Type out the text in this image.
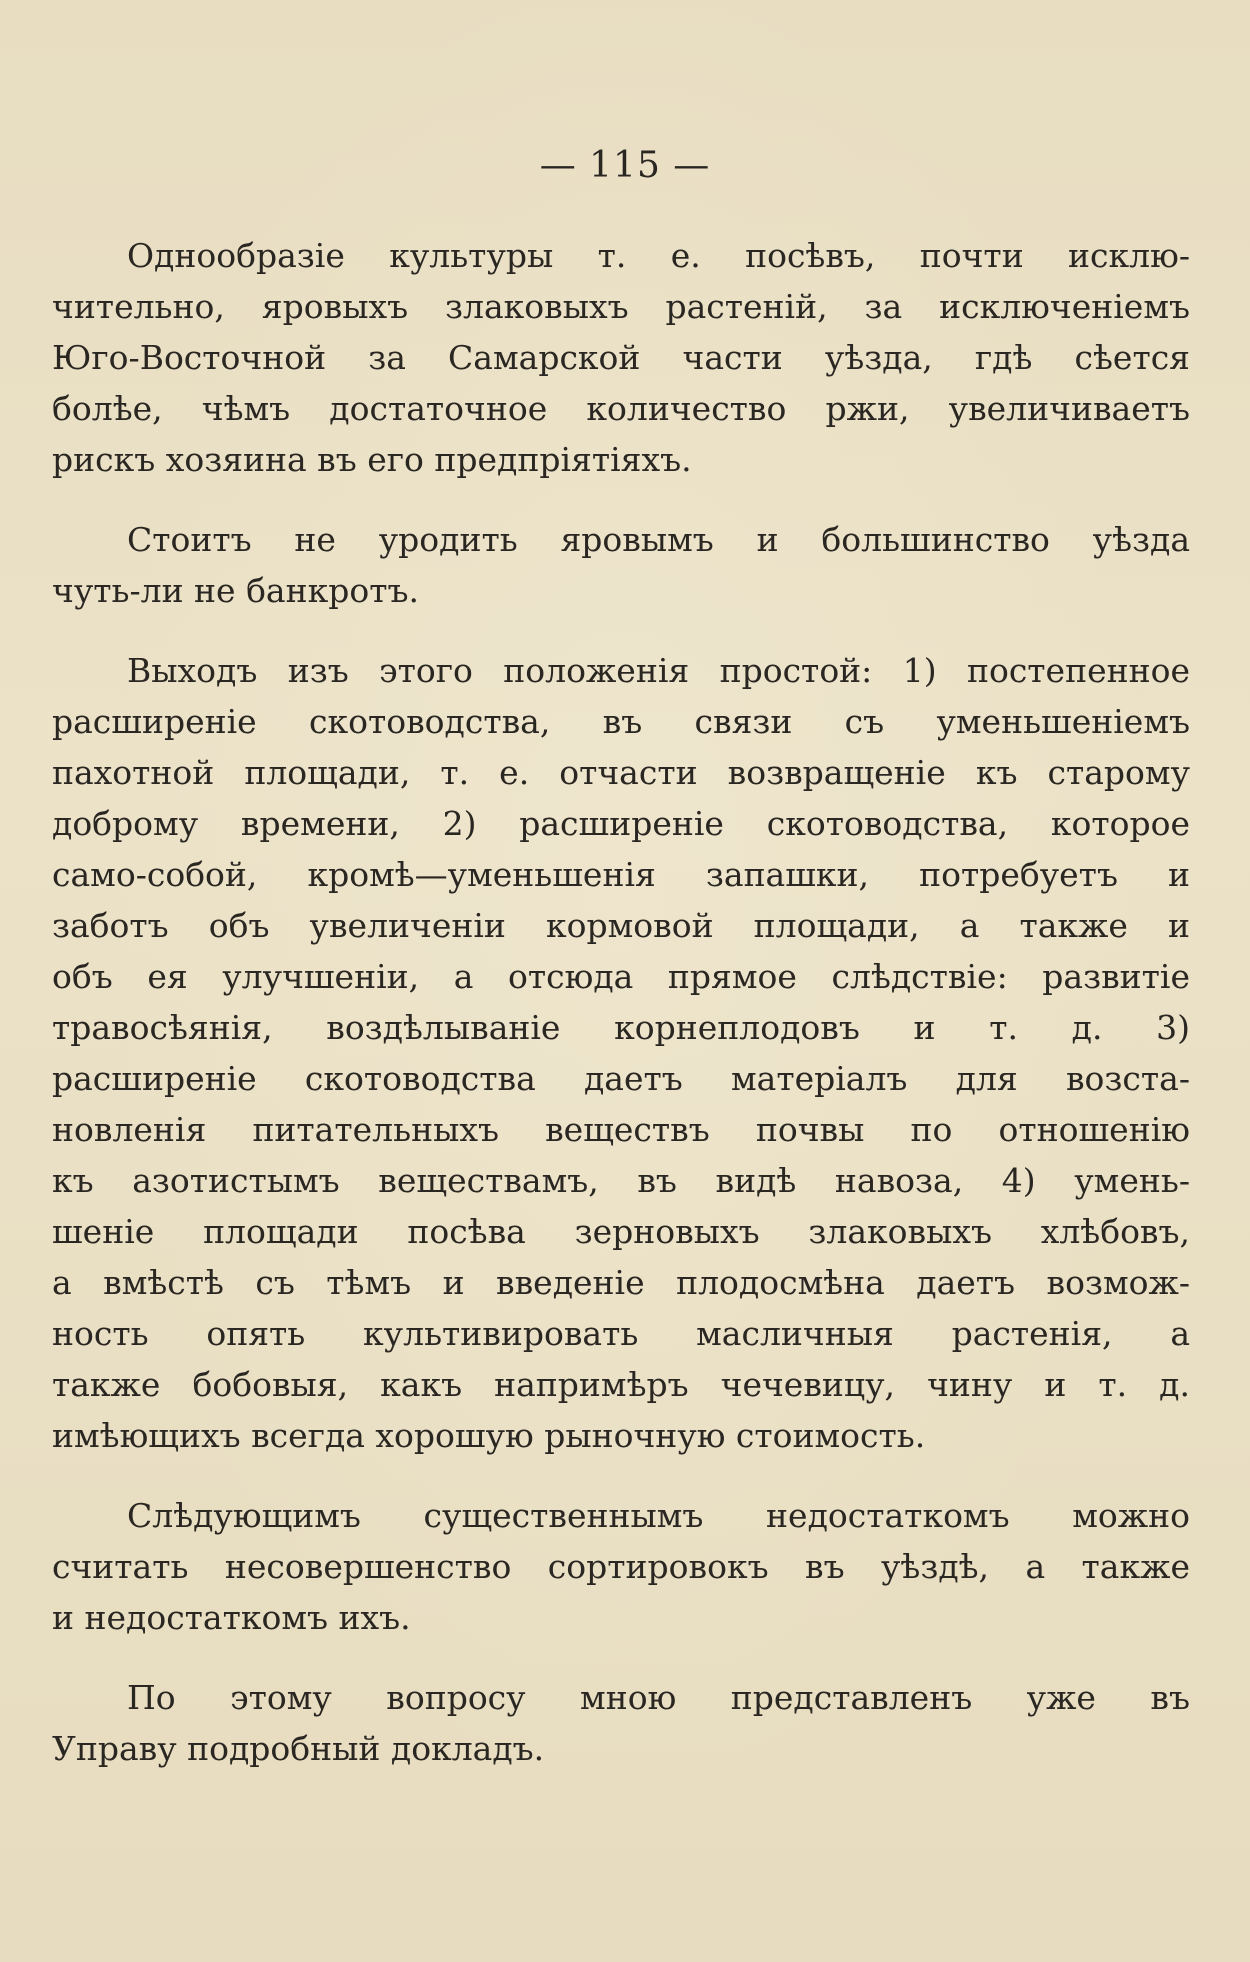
— 115 —

Однообразіе культуры т. е. посѣвъ, почти исклю-
чительно, яровыхъ злаковыхъ растеній, за исключеніемъ
Юго-Восточной за Самарской части уѣзда, гдѣ сѣется
болѣе, чѣмъ достаточное количество ржи, увеличиваетъ
рискъ хозяина въ его предпріятіяхъ.

Стоитъ не уродить яровымъ и большинство уѣзда
чуть-ли не банкротъ.

Выходъ изъ этого положенія простой: 1) постепенное
расширеніе скотоводства, въ связи съ уменьшеніемъ
пахотной площади, т. е. отчасти возвращеніе къ старому
доброму времени, 2) расширеніе скотоводства, которое
само-собой, кромѣ—уменьшенія запашки, потребуетъ и
заботъ объ увеличеніи кормовой площади, а также и
объ ея улучшеніи, а отсюда прямое слѣдствіе: развитіе
травосѣянія, воздѣлываніе корнеплодовъ и т. д. 3)
расширеніе скотоводства даетъ матеріалъ для возста-
новленія питательныхъ веществъ почвы по отношенію
къ азотистымъ веществамъ, въ видѣ навоза, 4) умень-
шеніе площади посѣва зерновыхъ злаковыхъ хлѣбовъ,
а вмѣстѣ съ тѣмъ и введеніе плодосмѣна даетъ возмож-
ность опять культивировать масличныя растенія, а
также бобовыя, какъ напримѣръ чечевицу, чину и т. д.
имѣющихъ всегда хорошую рыночную стоимость.

Слѣдующимъ существеннымъ недостаткомъ можно
считать несовершенство сортировокъ въ уѣздѣ, а также
и недостаткомъ ихъ.

По этому вопросу мною представленъ уже въ
Управу подробный докладъ.
